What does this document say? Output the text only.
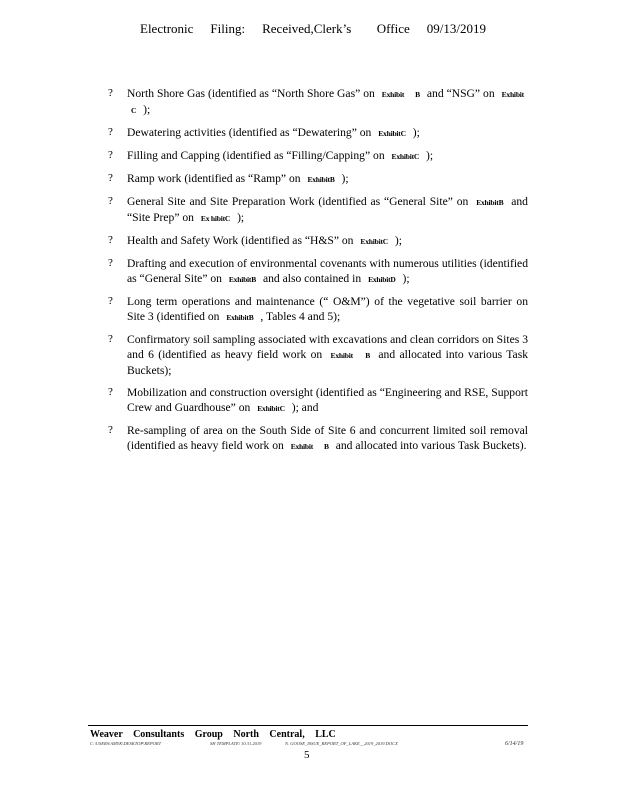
Electronic Filing: Received,Clerk’s Office 09/13/2019
?	North Shore Gas (identified as “North Shore Gas” on Exhibit B and “NSG” on Exhibit C );
?	Dewatering activities (identified as “Dewatering” on ExhibitC );
?	Filling and Capping (identified as “Filling/Capping” on ExhibitC );
?	Ramp work (identified as “Ramp” on ExhibitB );
?	General Site and Site Preparation Work (identified as “General Site” on ExhibitB and “Site Prep” on Ex hibitC );
?	Health and Safety Work (identified as “H&S” on ExhibitC );
?	Drafting and execution of environmental covenants with numerous utilities (identified as “General Site” on ExhibitB and also contained in ExhibitD );
?	Long term operations and maintenance (“ O&M”) of the vegetative soil barrier on Site 3 (identified on ExhibitB , Tables 4 and 5);
?	Confirmatory soil sampling associated with excavations and clean corridors on Sites 3 and 6 (identified as heavy field work on Exhibit B and allocated into various Task Buckets);
?	Mobilization and construction oversight (identified as “Engineering and RSE, Support Crew and Guardhouse” on ExhibitC ); and
?	Re-sampling of area on the South Side of Site 6 and concurrent limited soil removal (identified as heavy field work on Exhibit B and allocated into various Task Buckets).
Weaver Consultants Group North Central, LLC
C:\USERS\AMYK\DESKTOP\REPORT	SH TEMPLATE\ 10.31.2019	N. GOOSE_ISSUE_REPORT_OF_LAKE__2019_2019.DOCX	6/14/19
5
